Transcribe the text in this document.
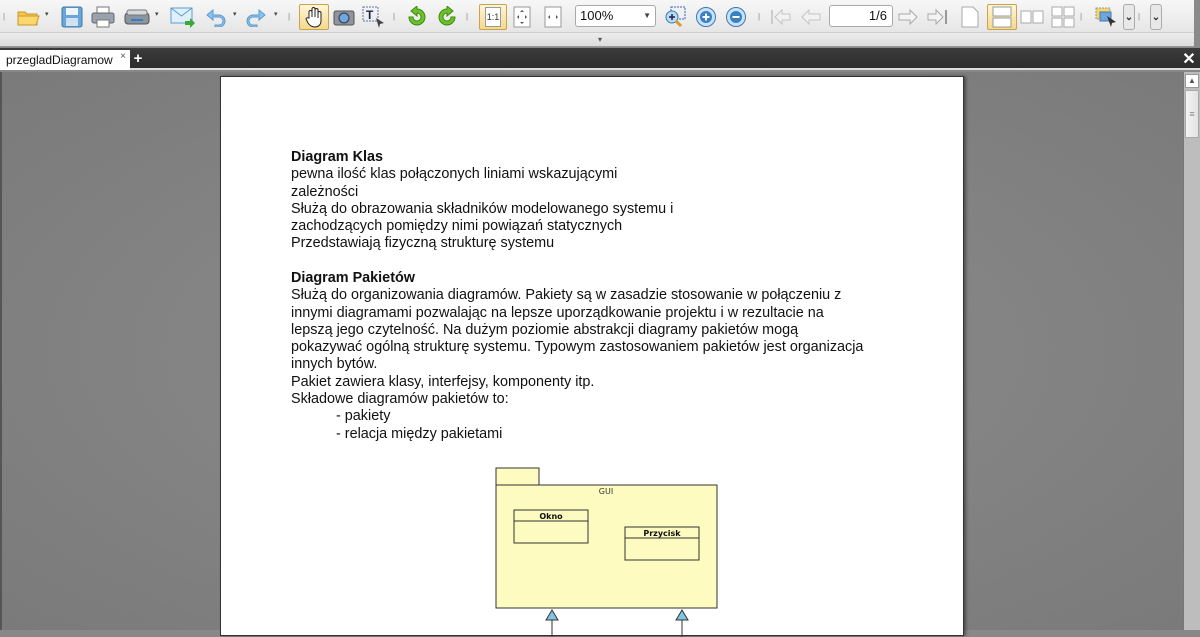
|	▾	▾	▾	▾	|	T |	| 1:1	100%	▼	|	1/6	|	⌄ | ⌄
▾
przegladDiagramow × +	✕
Diagram Klas
pewna ilość klas połączonych liniami wskazującymi
zależności
Służą do obrazowania składników modelowanego systemu i
zachodzących pomiędzy nimi powiązań statycznych
Przedstawiają fizyczną strukturę systemu
Diagram Pakietów
Służą do organizowania diagramów. Pakiety są w zasadzie stosowanie w połączeniu z
innymi diagramami pozwalając na lepsze uporządkowanie projektu i w rezultacie na
lepszą jego czytelność. Na dużym poziomie abstrakcji diagramy pakietów mogą
pokazywać ogólną strukturę systemu. Typowym zastosowaniem pakietów jest organizacja
innych bytów.
Pakiet zawiera klasy, interfejsy, komponenty itp.
Składowe diagramów pakietów to:
- pakiety
- relacja między pakietami
GUI
Okno
Przycisk
▲
≡
